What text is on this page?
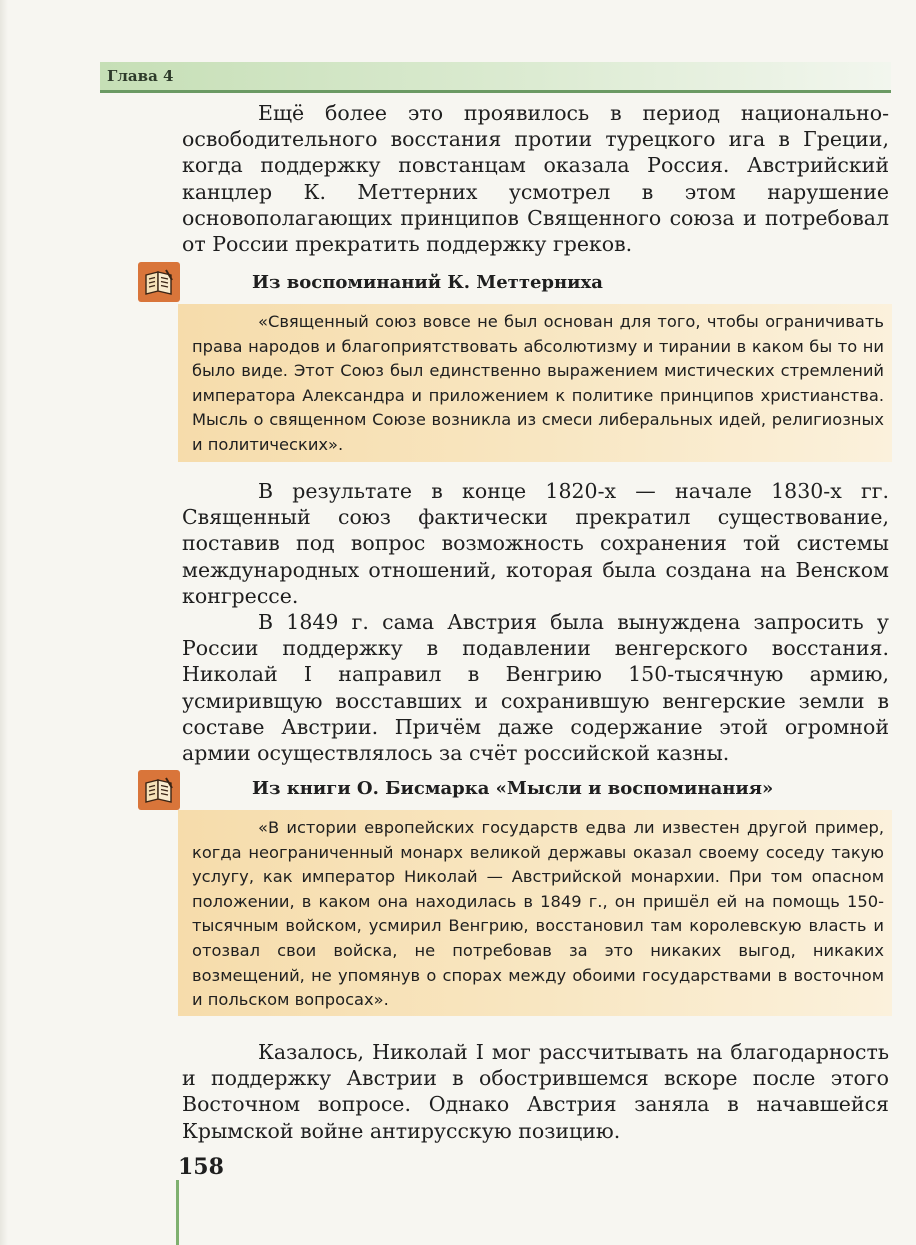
Глава 4

Ещё более это проявилось в период национально-освободительного восстания протии турецкого ига в Греции, когда поддержку повстанцам оказала Россия. Австрийский канцлер К. Меттерних усмотрел в этом нарушение основополагающих принципов Священного союза и потребовал от России прекратить поддержку греков.

Из воспоминаний К. Меттерниха

«Священный союз вовсе не был основан для того, чтобы ограничивать права народов и благоприятствовать абсолютизму и тирании в каком бы то ни было виде. Этот Союз был единственно выражением мистических стремлений императора Александра и приложением к политике принципов христианства. Мысль о священном Союзе возникла из смеси либеральных идей, религиозных и политических».

В результате в конце 1820-х — начале 1830-х гг. Священный союз фактически прекратил существование, поставив под вопрос возможность сохранения той системы международных отношений, которая была создана на Венском конгрессе.

В 1849 г. сама Австрия была вынуждена запросить у России поддержку в подавлении венгерского восстания. Николай I направил в Венгрию 150-тысячную армию, усмиривщую восставших и сохранившую венгерские земли в составе Австрии. Причём даже содержание этой огромной армии осуществлялось за счёт российской казны.

Из книги О. Бисмарка «Мысли и воспоминания»

«В истории европейских государств едва ли известен другой пример, когда неограниченный монарх великой державы оказал своему соседу такую услугу, как император Николай — Австрийской монархии. При том опасном положении, в каком она находилась в 1849 г., он пришёл ей на помощь 150-тысячным войском, усмирил Венгрию, восстановил там королевскую власть и отозвал свои войска, не потребовав за это никаких выгод, никаких возмещений, не упомянув о спорах между обоими государствами в восточном и польском вопросах».

Казалось, Николай I мог рассчитывать на благодарность и поддержку Австрии в обострившемся вскоре после этого Восточном вопросе. Однако Австрия заняла в начавшейся Крымской войне антирусскую позицию.

158
